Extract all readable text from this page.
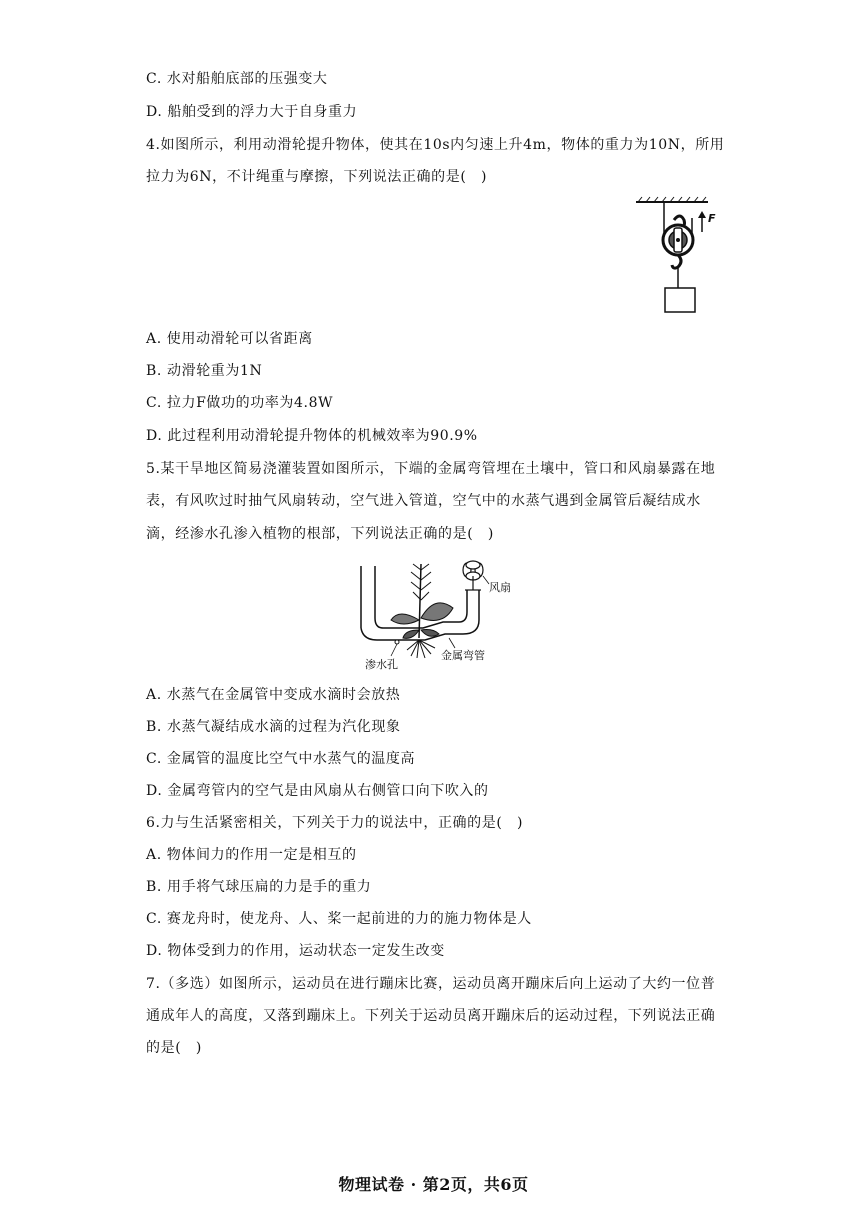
C. 水对船舶底部的压强变大
D. 船舶受到的浮力大于自身重力
4.如图所示，利用动滑轮提升物体，使其在10s内匀速上升4m，物体的重力为10N，所用
拉力为6N，不计绳重与摩擦，下列说法正确的是(　)
F
A. 使用动滑轮可以省距离
B. 动滑轮重为1N
C. 拉力F做功的功率为4.8W
D. 此过程利用动滑轮提升物体的机械效率为90.9%
5.某干旱地区简易浇灌装置如图所示，下端的金属弯管埋在土壤中，管口和风扇暴露在地
表，有风吹过时抽气风扇转动，空气进入管道，空气中的水蒸气遇到金属管后凝结成水
滴，经渗水孔渗入植物的根部，下列说法正确的是(　)
风扇
渗水孔
金属弯管
A. 水蒸气在金属管中变成水滴时会放热
B. 水蒸气凝结成水滴的过程为汽化现象
C. 金属管的温度比空气中水蒸气的温度高
D. 金属弯管内的空气是由风扇从右侧管口向下吹入的
6.力与生活紧密相关，下列关于力的说法中，正确的是(　)
A. 物体间力的作用一定是相互的
B. 用手将气球压扁的力是手的重力
C. 赛龙舟时，使龙舟、人、桨一起前进的力的施力物体是人
D. 物体受到力的作用，运动状态一定发生改变
7.（多选）如图所示，运动员在进行蹦床比赛，运动员离开蹦床后向上运动了大约一位普
通成年人的高度，又落到蹦床上。下列关于运动员离开蹦床后的运动过程，下列说法正确
的是(　)
物理试卷 · 第2页，共6页
